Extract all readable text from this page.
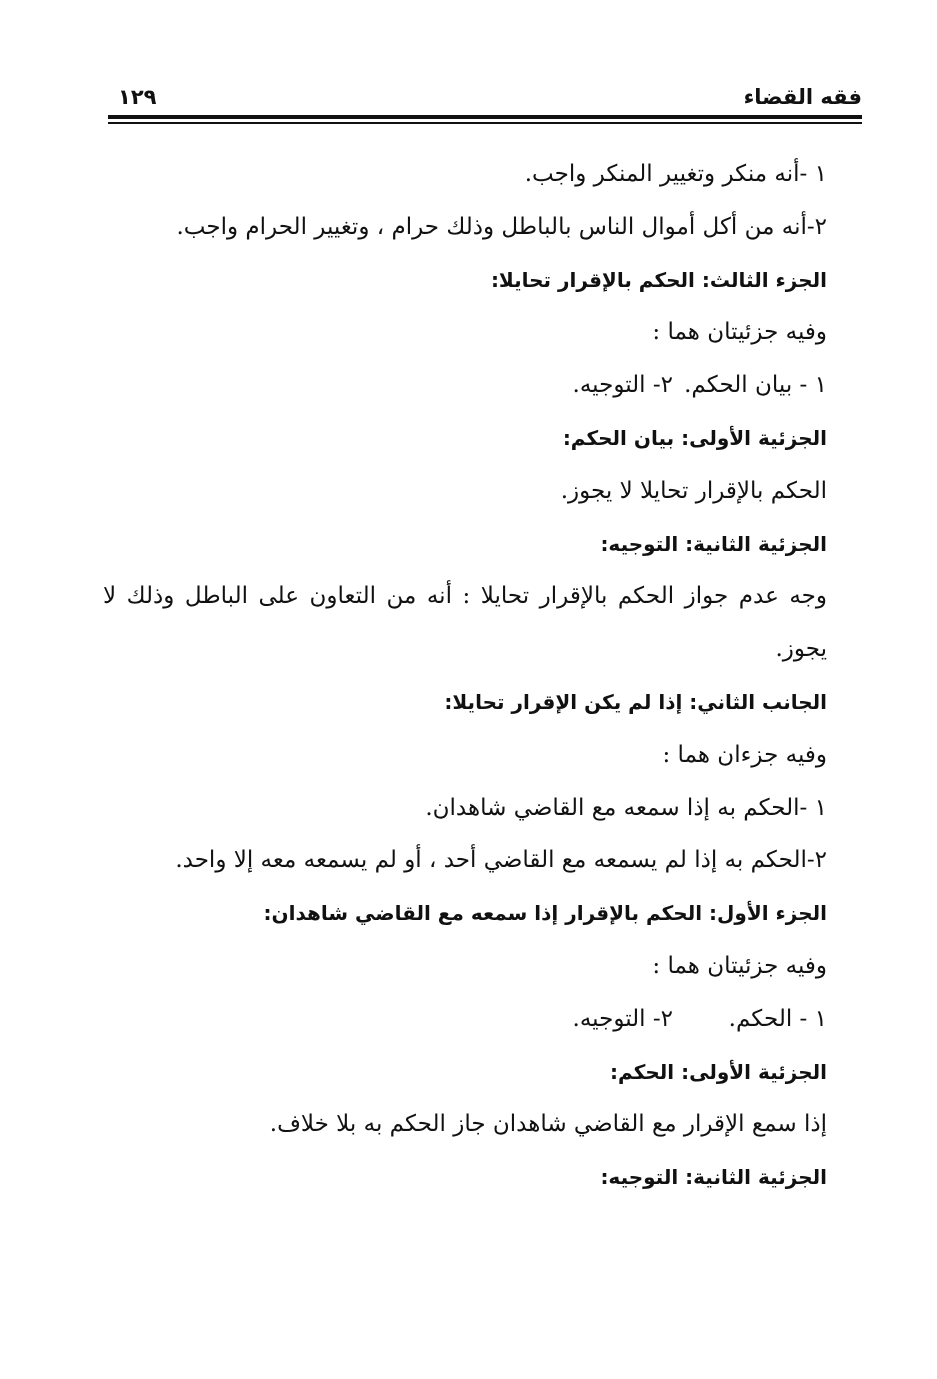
فقه القضاء
١٢٩
١ -أنه منكر وتغيير المنكر واجب.
٢-أنه من أكل أموال الناس بالباطل وذلك حرام ، وتغيير الحرام واجب.
الجزء الثالث: الحكم بالإقرار تحايلا:
وفيه جزئيتان هما :
١ - بيان الحكم.
٢- التوجيه.
الجزئية الأولى: بيان الحكم:
الحكم بالإقرار تحايلا لا يجوز.
الجزئية الثانية: التوجيه:
وجه عدم جواز الحكم بالإقرار تحايلا : أنه من التعاون على الباطل وذلك لا
يجوز.
الجانب الثاني: إذا لم يكن الإقرار تحايلا:
وفيه جزءان هما :
١ -الحكم به إذا سمعه مع القاضي شاهدان.
٢-الحكم به إذا لم يسمعه مع القاضي أحد ، أو لم يسمعه معه إلا واحد.
الجزء الأول: الحكم بالإقرار إذا سمعه مع القاضي شاهدان:
وفيه جزئيتان هما :
١ - الحكم.
٢- التوجيه.
الجزئية الأولى: الحكم:
إذا سمع الإقرار مع القاضي شاهدان جاز الحكم به بلا خلاف.
الجزئية الثانية: التوجيه:
